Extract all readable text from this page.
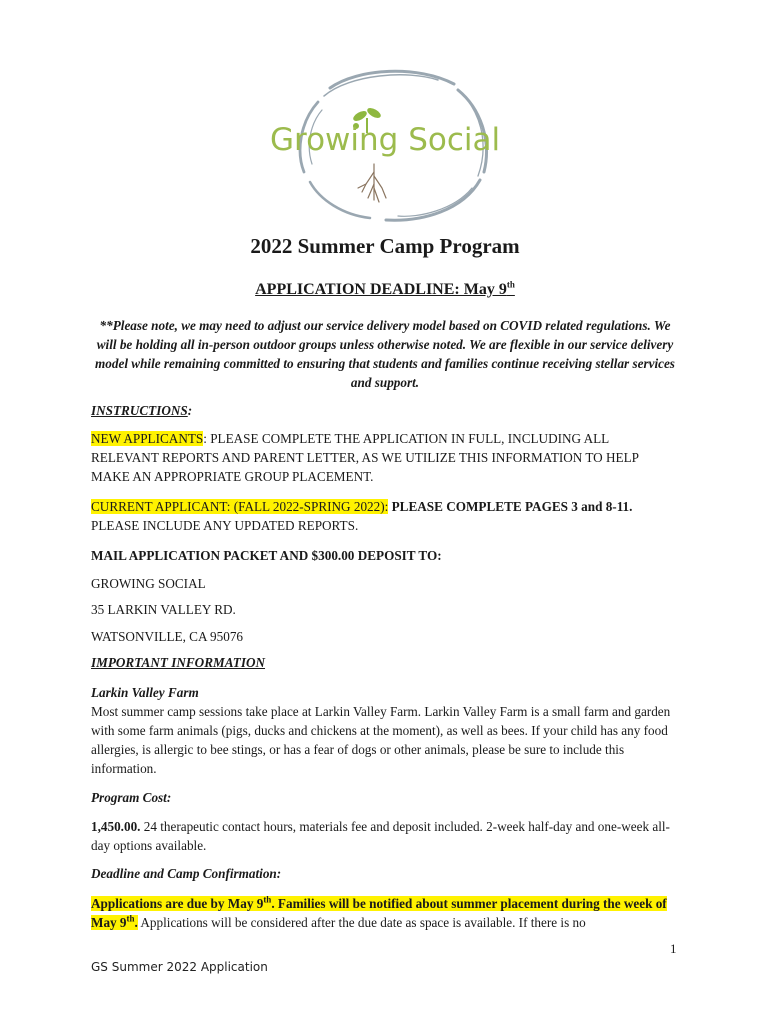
Growing Social
2022 Summer Camp Program
APPLICATION DEADLINE: May 9th
**Please note, we may need to adjust our service delivery model based on COVID related regulations. We will be holding all in-person outdoor groups unless otherwise noted. We are flexible in our service delivery model while remaining committed to ensuring that students and families continue receiving stellar services and support.
INSTRUCTIONS:
NEW APPLICANTS: PLEASE COMPLETE THE APPLICATION IN FULL, INCLUDING ALL RELEVANT REPORTS AND PARENT LETTER, AS WE UTILIZE THIS INFORMATION TO HELP MAKE AN APPROPRIATE GROUP PLACEMENT.
CURRENT APPLICANT: (FALL 2022-SPRING 2022): PLEASE COMPLETE PAGES 3 and 8-11.
PLEASE INCLUDE ANY UPDATED REPORTS.
MAIL APPLICATION PACKET AND $300.00 DEPOSIT TO:
GROWING SOCIAL
35 LARKIN VALLEY RD.
WATSONVILLE, CA 95076
IMPORTANT INFORMATION
Larkin Valley Farm
Most summer camp sessions take place at Larkin Valley Farm. Larkin Valley Farm is a small farm and garden with some farm animals (pigs, ducks and chickens at the moment), as well as bees. If your child has any food allergies, is allergic to bee stings, or has a fear of dogs or other animals, please be sure to include this information.
Program Cost:
1,450.00. 24 therapeutic contact hours, materials fee and deposit included. 2-week half-day and one-week all-day options available.
Deadline and Camp Confirmation:
Applications are due by May 9th. Families will be notified about summer placement during the week of May 9th. Applications will be considered after the due date as space is available. If there is no
1
GS Summer 2022 Application
